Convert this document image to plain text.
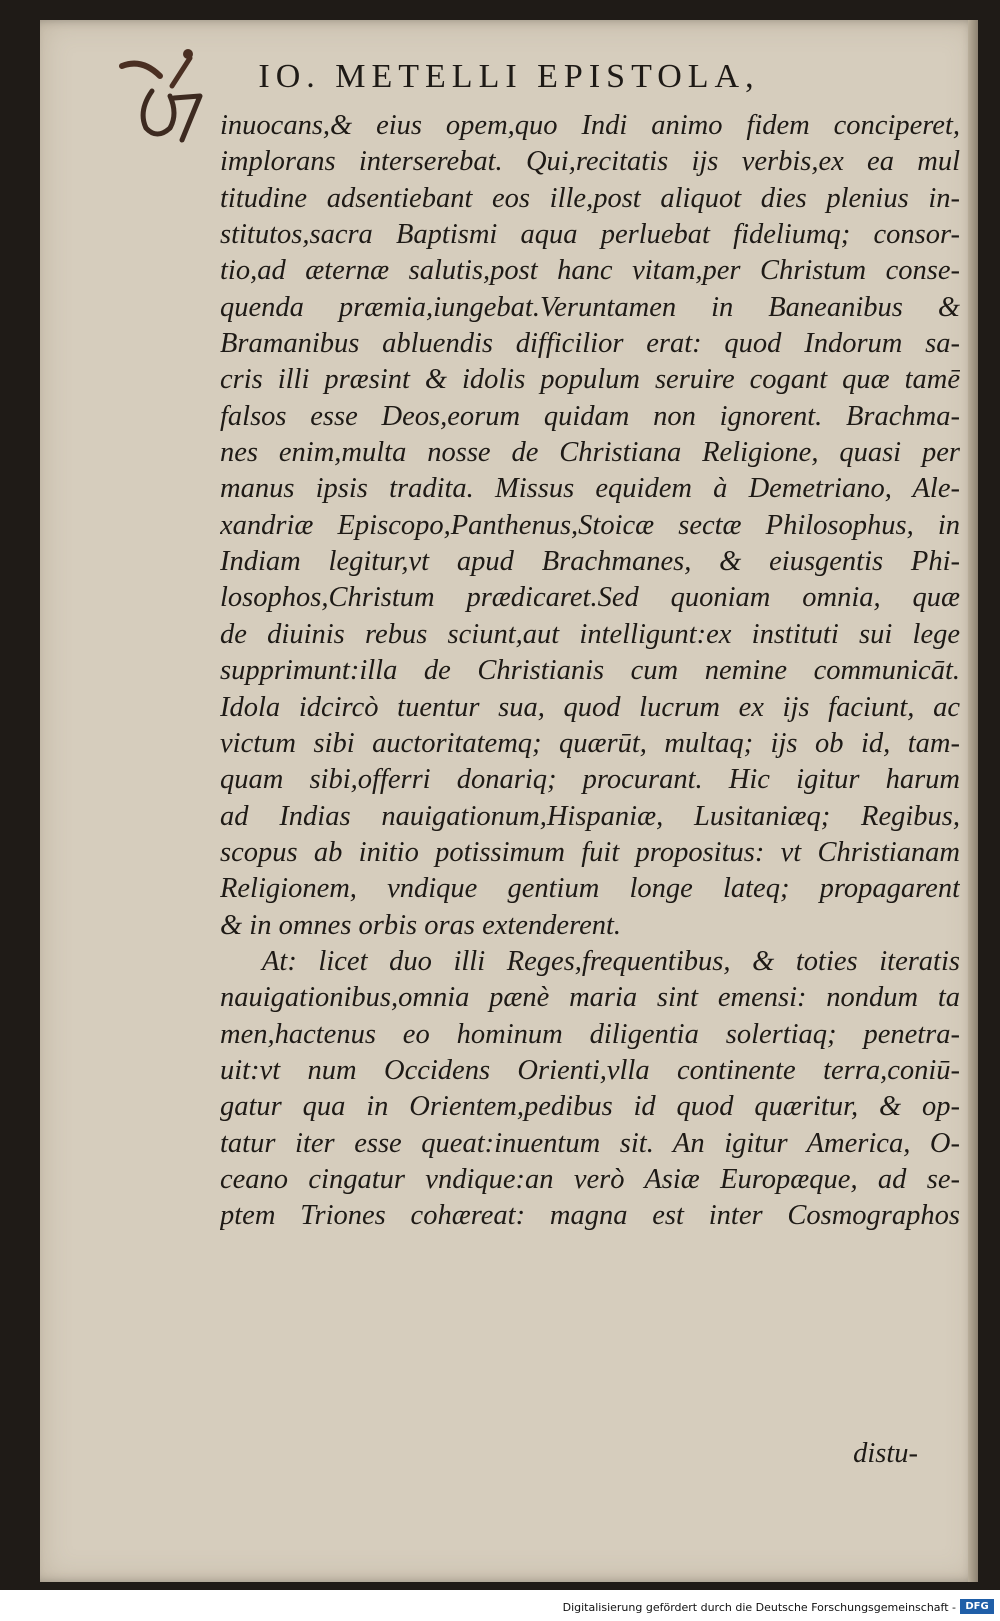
IO. METELLI EPISTOLA,
inuocans,& eius opem,quo Indi animo fidem conciperet,
implorans interserebat. Qui,recitatis ijs verbis,ex ea mul
titudine adsentiebant eos ille,post aliquot dies plenius in-
stitutos,sacra Baptismi aqua perluebat fideliumq; consor-
tio,ad æternæ salutis,post hanc vitam,per Christum conse-
quenda præmia,iungebat.Veruntamen in Baneanibus &
Bramanibus abluendis difficilior erat: quod Indorum sa-
cris illi præsint & idolis populum seruire cogant quæ tamē
falsos esse Deos,eorum quidam non ignorent. Brachma-
nes enim,multa nosse de Christiana Religione, quasi per
manus ipsis tradita. Missus equidem à Demetriano, Ale-
xandriæ Episcopo,Panthenus,Stoicæ sectæ Philosophus, in
Indiam legitur,vt apud Brachmanes, & eiusgentis Phi-
losophos,Christum prædicaret.Sed quoniam omnia, quæ
de diuinis rebus sciunt,aut intelligunt:ex instituti sui lege
supprimunt:illa de Christianis cum nemine communicāt.
Idola idcircò tuentur sua, quod lucrum ex ijs faciunt, ac
victum sibi auctoritatemq; quærūt, multaq; ijs ob id, tam-
quam sibi,offerri donariq; procurant. Hic igitur harum
ad Indias nauigationum,Hispaniæ, Lusitaniæq; Regibus,
scopus ab initio potissimum fuit propositus: vt Christianam
Religionem, vndique gentium longe lateq; propagarent
& in omnes orbis oras extenderent.
At: licet duo illi Reges,frequentibus, & toties iteratis
nauigationibus,omnia pænè maria sint emensi: nondum ta
men,hactenus eo hominum diligentia solertiaq; penetra-
uit:vt num Occidens Orienti,vlla continente terra,coniū-
gatur qua in Orientem,pedibus id quod quæritur, & op-
tatur iter esse queat:inuentum sit. An igitur America, O-
ceano cingatur vndique:an verò Asiæ Europæque, ad se-
ptem Triones cohæreat: magna est inter Cosmographos
distu-
Digitalisierung gefördert durch die Deutsche Forschungsgemeinschaft - DFG
